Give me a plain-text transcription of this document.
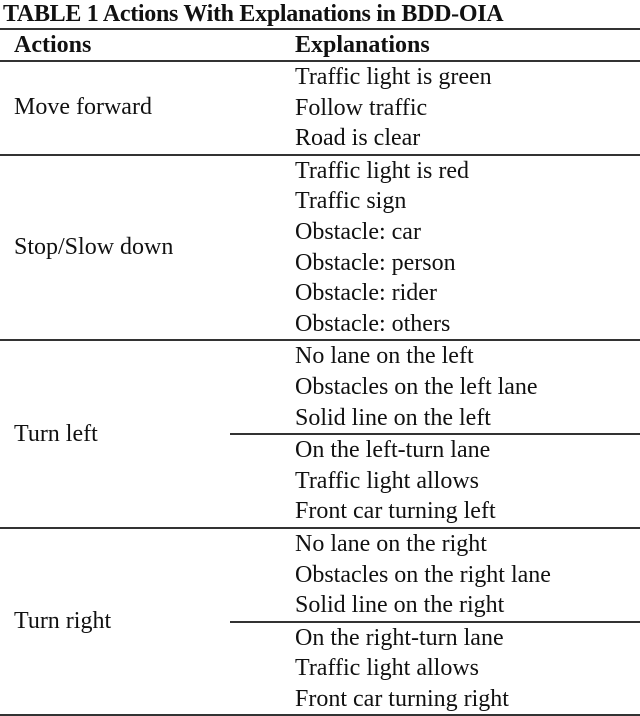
TABLE 1 Actions With Explanations in BDD-OIA
Actions	Explanations
Move forward
Traffic light is green
Follow traffic
Road is clear
Stop/Slow down
Traffic light is red
Traffic sign
Obstacle: car
Obstacle: person
Obstacle: rider
Obstacle: others
Turn left
No lane on the left
Obstacles on the left lane
Solid line on the left
On the left-turn lane
Traffic light allows
Front car turning left
Turn right
No lane on the right
Obstacles on the right lane
Solid line on the right
On the right-turn lane
Traffic light allows
Front car turning right
